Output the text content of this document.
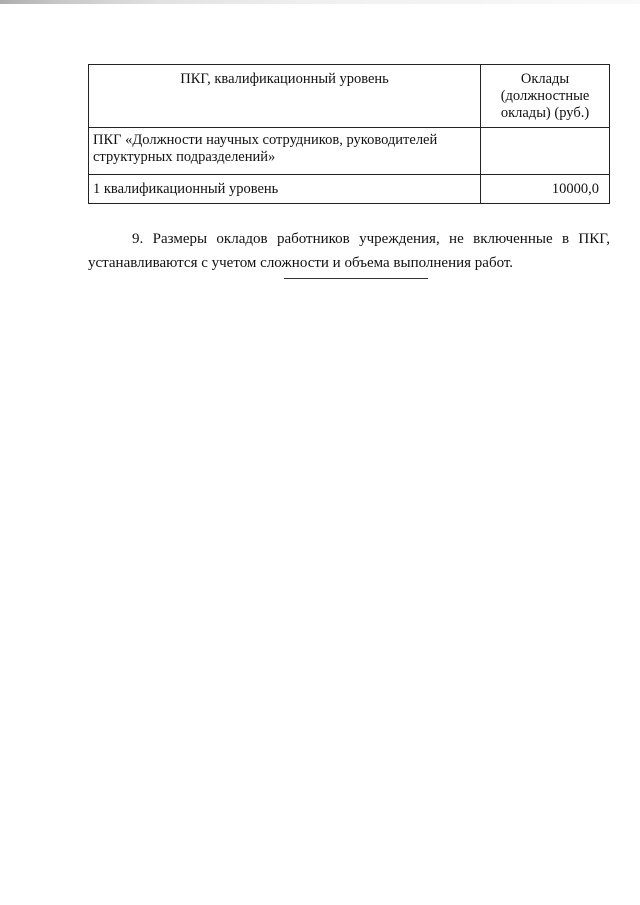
ПКГ, квалификационный уровень	Оклады (должностные оклады) (руб.)
ПКГ «Должности научных сотрудников, руководителей структурных подразделений»	
1 квалификационный уровень	10000,0

9. Размеры окладов работников учреждения, не включенные в ПКГ, устанавливаются с учетом сложности и объема выполнения работ.
